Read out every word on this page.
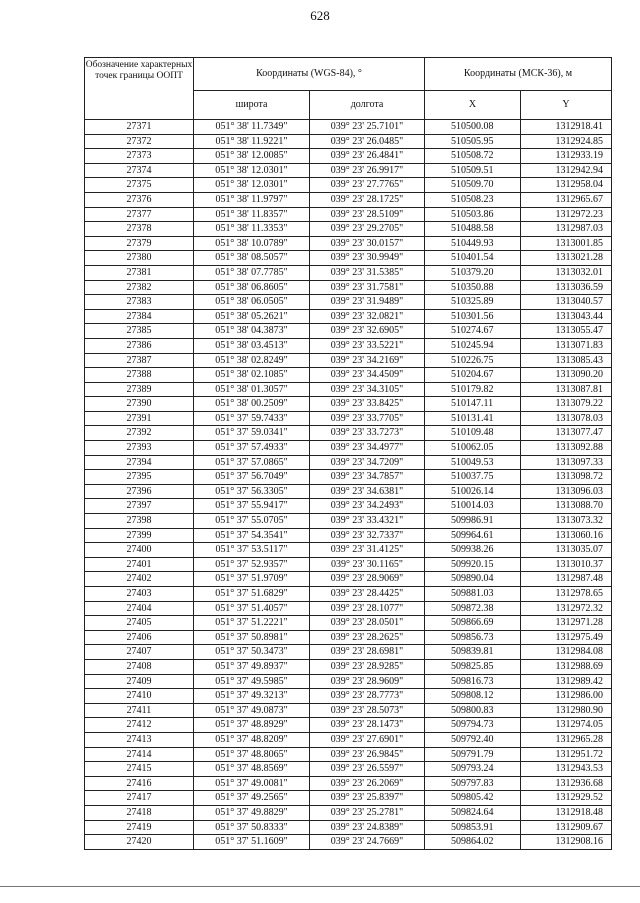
628
Обозначение характерных точек границы ООПТ	Координаты (WGS-84), °		Координаты (МСК-36), м	
	широта	долгота	X	Y
27371	051° 38' 11.7349"	039° 23' 25.7101"	510500.08	1312918.41
27372	051° 38' 11.9221"	039° 23' 26.0485"	510505.95	1312924.85
27373	051° 38' 12.0085"	039° 23' 26.4841"	510508.72	1312933.19
27374	051° 38' 12.0301"	039° 23' 26.9917"	510509.51	1312942.94
27375	051° 38' 12.0301"	039° 23' 27.7765"	510509.70	1312958.04
27376	051° 38' 11.9797"	039° 23' 28.1725"	510508.23	1312965.67
27377	051° 38' 11.8357"	039° 23' 28.5109"	510503.86	1312972.23
27378	051° 38' 11.3353"	039° 23' 29.2705"	510488.58	1312987.03
27379	051° 38' 10.0789"	039° 23' 30.0157"	510449.93	1313001.85
27380	051° 38' 08.5057"	039° 23' 30.9949"	510401.54	1313021.28
27381	051° 38' 07.7785"	039° 23' 31.5385"	510379.20	1313032.01
27382	051° 38' 06.8605"	039° 23' 31.7581"	510350.88	1313036.59
27383	051° 38' 06.0505"	039° 23' 31.9489"	510325.89	1313040.57
27384	051° 38' 05.2621"	039° 23' 32.0821"	510301.56	1313043.44
27385	051° 38' 04.3873"	039° 23' 32.6905"	510274.67	1313055.47
27386	051° 38' 03.4513"	039° 23' 33.5221"	510245.94	1313071.83
27387	051° 38' 02.8249"	039° 23' 34.2169"	510226.75	1313085.43
27388	051° 38' 02.1085"	039° 23' 34.4509"	510204.67	1313090.20
27389	051° 38' 01.3057"	039° 23' 34.3105"	510179.82	1313087.81
27390	051° 38' 00.2509"	039° 23' 33.8425"	510147.11	1313079.22
27391	051° 37' 59.7433"	039° 23' 33.7705"	510131.41	1313078.03
27392	051° 37' 59.0341"	039° 23' 33.7273"	510109.48	1313077.47
27393	051° 37' 57.4933"	039° 23' 34.4977"	510062.05	1313092.88
27394	051° 37' 57.0865"	039° 23' 34.7209"	510049.53	1313097.33
27395	051° 37' 56.7049"	039° 23' 34.7857"	510037.75	1313098.72
27396	051° 37' 56.3305"	039° 23' 34.6381"	510026.14	1313096.03
27397	051° 37' 55.9417"	039° 23' 34.2493"	510014.03	1313088.70
27398	051° 37' 55.0705"	039° 23' 33.4321"	509986.91	1313073.32
27399	051° 37' 54.3541"	039° 23' 32.7337"	509964.61	1313060.16
27400	051° 37' 53.5117"	039° 23' 31.4125"	509938.26	1313035.07
27401	051° 37' 52.9357"	039° 23' 30.1165"	509920.15	1313010.37
27402	051° 37' 51.9709"	039° 23' 28.9069"	509890.04	1312987.48
27403	051° 37' 51.6829"	039° 23' 28.4425"	509881.03	1312978.65
27404	051° 37' 51.4057"	039° 23' 28.1077"	509872.38	1312972.32
27405	051° 37' 51.2221"	039° 23' 28.0501"	509866.69	1312971.28
27406	051° 37' 50.8981"	039° 23' 28.2625"	509856.73	1312975.49
27407	051° 37' 50.3473"	039° 23' 28.6981"	509839.81	1312984.08
27408	051° 37' 49.8937"	039° 23' 28.9285"	509825.85	1312988.69
27409	051° 37' 49.5985"	039° 23' 28.9609"	509816.73	1312989.42
27410	051° 37' 49.3213"	039° 23' 28.7773"	509808.12	1312986.00
27411	051° 37' 49.0873"	039° 23' 28.5073"	509800.83	1312980.90
27412	051° 37' 48.8929"	039° 23' 28.1473"	509794.73	1312974.05
27413	051° 37' 48.8209"	039° 23' 27.6901"	509792.40	1312965.28
27414	051° 37' 48.8065"	039° 23' 26.9845"	509791.79	1312951.72
27415	051° 37' 48.8569"	039° 23' 26.5597"	509793.24	1312943.53
27416	051° 37' 49.0081"	039° 23' 26.2069"	509797.83	1312936.68
27417	051° 37' 49.2565"	039° 23' 25.8397"	509805.42	1312929.52
27418	051° 37' 49.8829"	039° 23' 25.2781"	509824.64	1312918.48
27419	051° 37' 50.8333"	039° 23' 24.8389"	509853.91	1312909.67
27420	051° 37' 51.1609"	039° 23' 24.7669"	509864.02	1312908.16
